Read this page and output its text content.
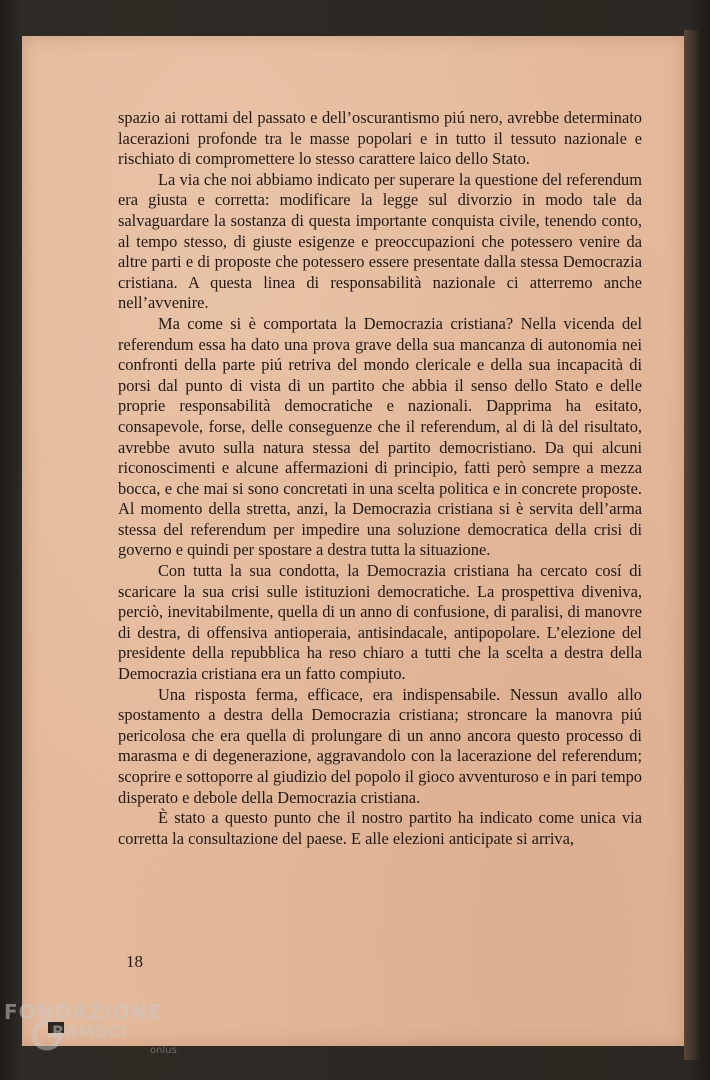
spazio ai rottami del passato e dell’oscurantismo piú nero, avrebbe determinato lacerazioni profonde tra le masse popolari e in tutto il tessuto nazionale e rischiato di compromettere lo stesso carattere laico dello Stato.

La via che noi abbiamo indicato per superare la questione del referendum era giusta e corretta: modificare la legge sul divorzio in modo tale da salvaguardare la sostanza di questa importante conquista civile, tenendo conto, al tempo stesso, di giuste esigenze e preoccupazioni che potessero venire da altre parti e di proposte che potessero essere presentate dalla stessa Democrazia cristiana. A questa linea di responsabilità nazionale ci atterremo anche nell’avvenire.

Ma come si è comportata la Democrazia cristiana? Nella vicenda del referendum essa ha dato una prova grave della sua mancanza di autonomia nei confronti della parte piú retriva del mondo clericale e della sua incapacità di porsi dal punto di vista di un partito che abbia il senso dello Stato e delle proprie responsabilità democratiche e nazionali. Dapprima ha esitato, consapevole, forse, delle conseguenze che il referendum, al di là del risultato, avrebbe avuto sulla natura stessa del partito democristiano. Da qui alcuni riconoscimenti e alcune affermazioni di principio, fatti però sempre a mezza bocca, e che mai si sono concretati in una scelta politica e in concrete proposte. Al momento della stretta, anzi, la Democrazia cristiana si è servita dell’arma stessa del referendum per impedire una soluzione democratica della crisi di governo e quindi per spostare a destra tutta la situazione.

Con tutta la sua condotta, la Democrazia cristiana ha cercato cosí di scaricare la sua crisi sulle istituzioni democratiche. La prospettiva diveniva, perciò, inevitabilmente, quella di un anno di confusione, di paralisi, di manovre di destra, di offensiva antioperaia, antisindacale, antipopolare. L’elezione del presidente della repubblica ha reso chiaro a tutti che la scelta a destra della Democrazia cristiana era un fatto compiuto.

Una risposta ferma, efficace, era indispensabile. Nessun avallo allo spostamento a destra della Democrazia cristiana; stroncare la manovra piú pericolosa che era quella di prolungare di un anno ancora questo processo di marasma e di degenerazione, aggravandolo con la lacerazione del referendum; scoprire e sottoporre al giudizio del popolo il gioco avventuroso e in pari tempo disperato e debole della Democrazia cristiana.

È stato a questo punto che il nostro partito ha indicato come unica via corretta la consultazione del paese. E alle elezioni anticipate si arriva,

18
FONDAZIONE
RAMSCI
onlus
